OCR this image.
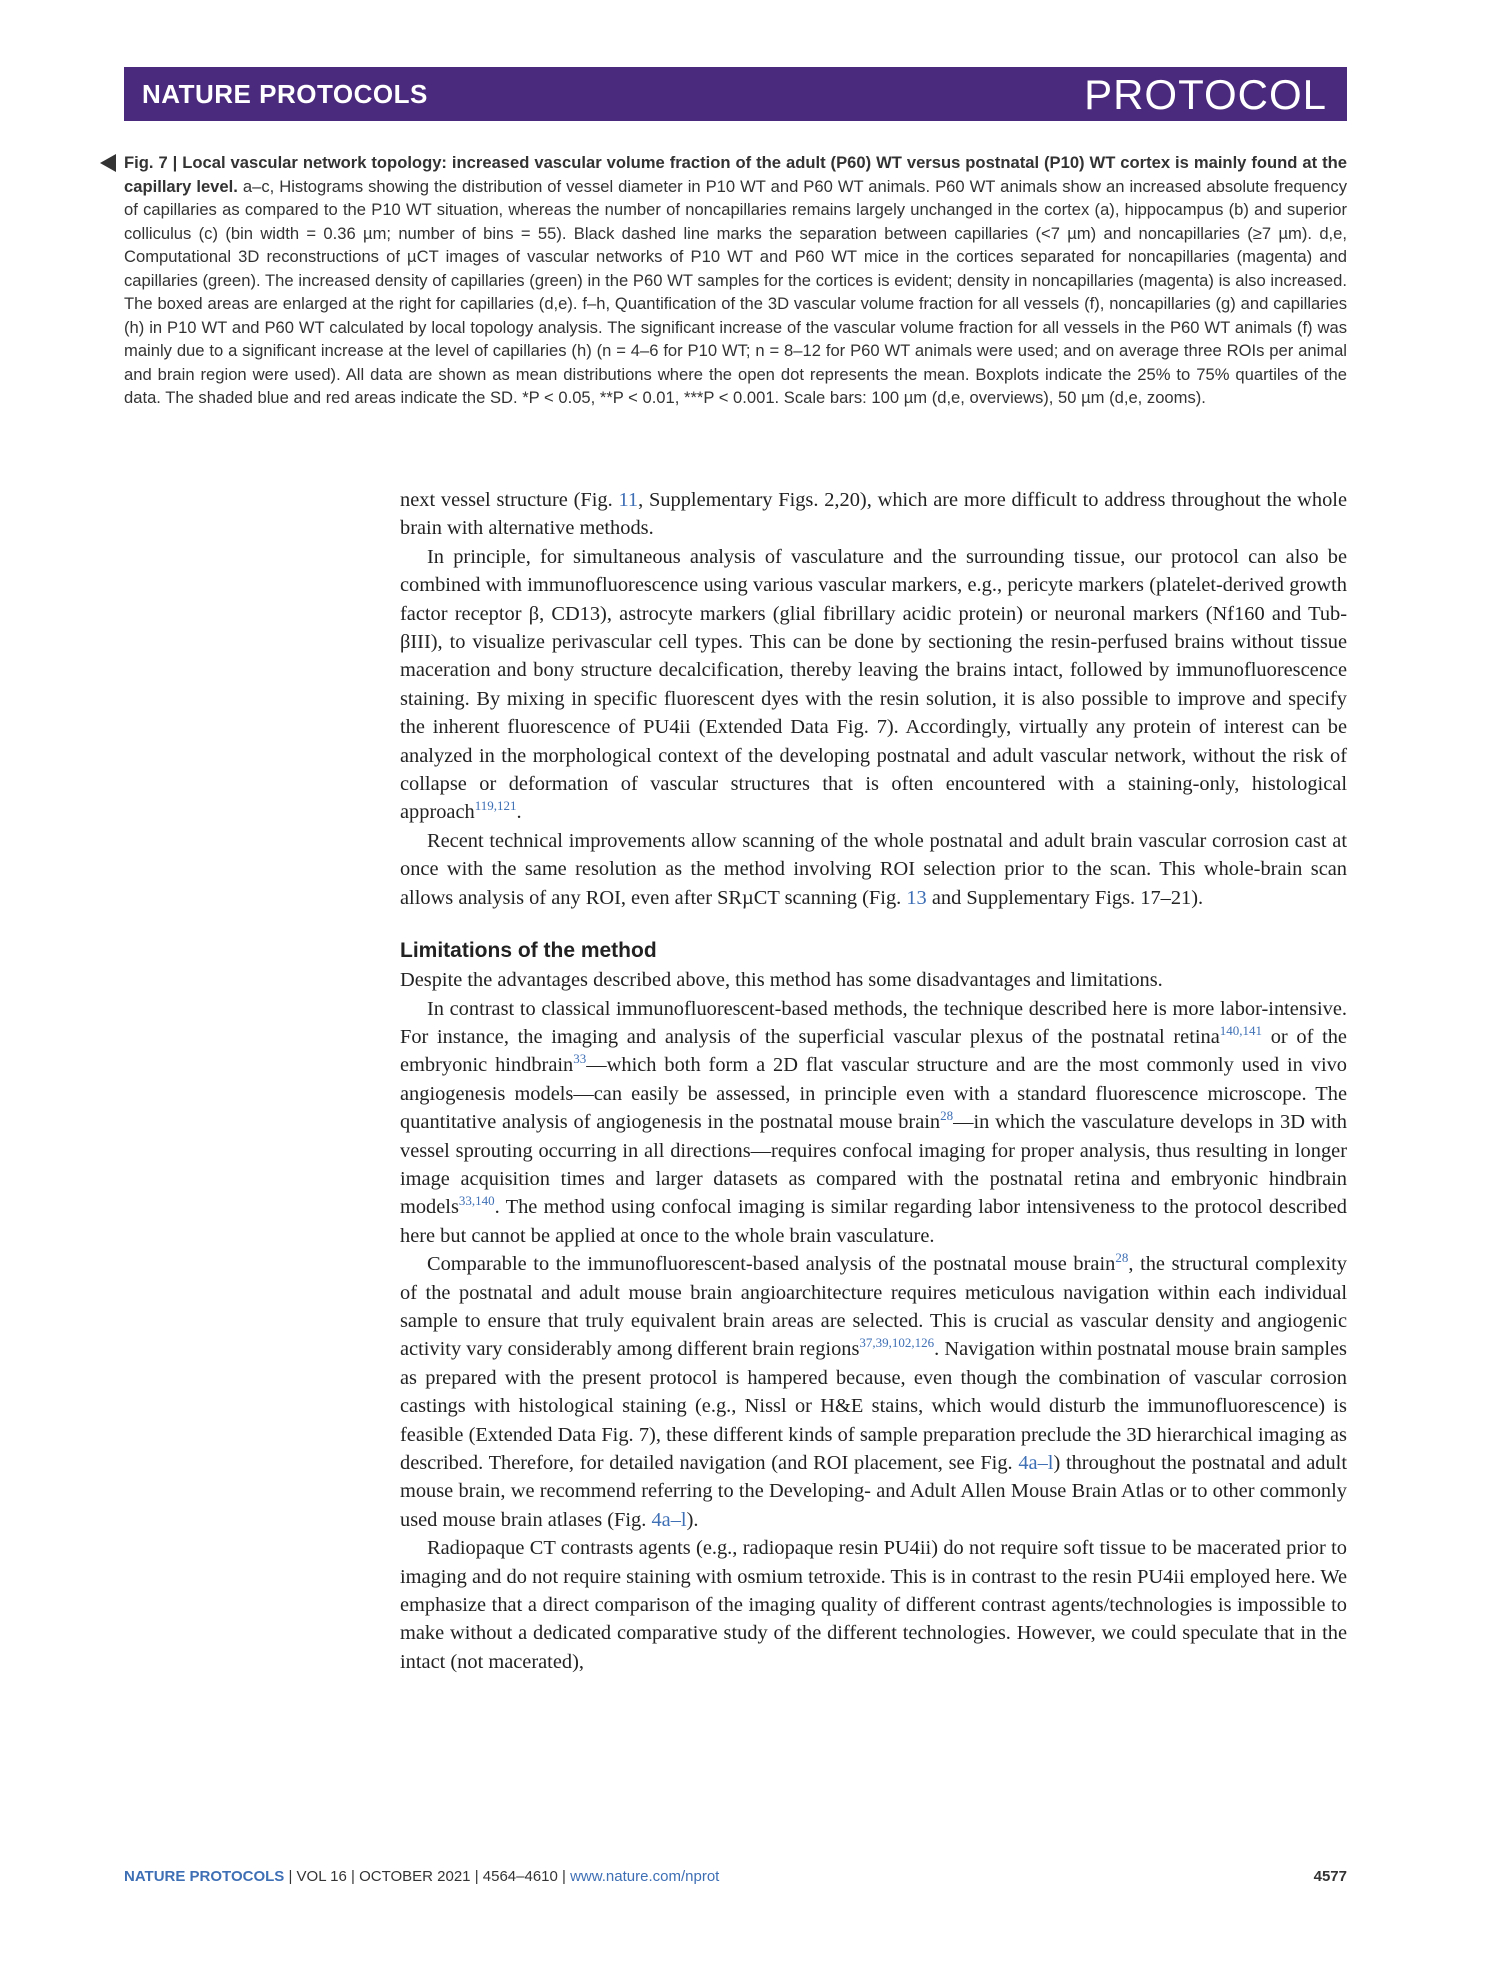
NATURE PROTOCOLS	PROTOCOL
Fig. 7 | Local vascular network topology: increased vascular volume fraction of the adult (P60) WT versus postnatal (P10) WT cortex is mainly found at the capillary level. a–c, Histograms showing the distribution of vessel diameter in P10 WT and P60 WT animals. P60 WT animals show an increased absolute frequency of capillaries as compared to the P10 WT situation, whereas the number of noncapillaries remains largely unchanged in the cortex (a), hippocampus (b) and superior colliculus (c) (bin width = 0.36 µm; number of bins = 55). Black dashed line marks the separation between capillaries (<7 µm) and noncapillaries (≥7 µm). d,e, Computational 3D reconstructions of µCT images of vascular networks of P10 WT and P60 WT mice in the cortices separated for noncapillaries (magenta) and capillaries (green). The increased density of capillaries (green) in the P60 WT samples for the cortices is evident; density in noncapillaries (magenta) is also increased. The boxed areas are enlarged at the right for capillaries (d,e). f–h, Quantification of the 3D vascular volume fraction for all vessels (f), noncapillaries (g) and capillaries (h) in P10 WT and P60 WT calculated by local topology analysis. The significant increase of the vascular volume fraction for all vessels in the P60 WT animals (f) was mainly due to a significant increase at the level of capillaries (h) (n = 4–6 for P10 WT; n = 8–12 for P60 WT animals were used; and on average three ROIs per animal and brain region were used). All data are shown as mean distributions where the open dot represents the mean. Boxplots indicate the 25% to 75% quartiles of the data. The shaded blue and red areas indicate the SD. *P < 0.05, **P < 0.01, ***P < 0.001. Scale bars: 100 µm (d,e, overviews), 50 µm (d,e, zooms).

next vessel structure (Fig. 11, Supplementary Figs. 2,20), which are more difficult to address throughout the whole brain with alternative methods.

In principle, for simultaneous analysis of vasculature and the surrounding tissue, our protocol can also be combined with immunofluorescence using various vascular markers, e.g., pericyte markers (platelet-derived growth factor receptor β, CD13), astrocyte markers (glial fibrillary acidic protein) or neuronal markers (Nf160 and Tub-βIII), to visualize perivascular cell types. This can be done by sectioning the resin-perfused brains without tissue maceration and bony structure decalcification, thereby leaving the brains intact, followed by immunofluorescence staining. By mixing in specific fluorescent dyes with the resin solution, it is also possible to improve and specify the inherent fluorescence of PU4ii (Extended Data Fig. 7). Accordingly, virtually any protein of interest can be analyzed in the morphological context of the developing postnatal and adult vascular network, without the risk of collapse or deformation of vascular structures that is often encountered with a staining-only, histological approach$^{119,121}$.

Recent technical improvements allow scanning of the whole postnatal and adult brain vascular corrosion cast at once with the same resolution as the method involving ROI selection prior to the scan. This whole-brain scan allows analysis of any ROI, even after SRµCT scanning (Fig. 13 and Supplementary Figs. 17–21).

Limitations of the method

Despite the advantages described above, this method has some disadvantages and limitations.

In contrast to classical immunofluorescent-based methods, the technique described here is more labor-intensive. For instance, the imaging and analysis of the superficial vascular plexus of the postnatal retina$^{140,141}$ or of the embryonic hindbrain$^{33}$—which both form a 2D flat vascular structure and are the most commonly used in vivo angiogenesis models—can easily be assessed, in principle even with a standard fluorescence microscope. The quantitative analysis of angiogenesis in the postnatal mouse brain$^{28}$—in which the vasculature develops in 3D with vessel sprouting occurring in all directions—requires confocal imaging for proper analysis, thus resulting in longer image acquisition times and larger datasets as compared with the postnatal retina and embryonic hindbrain models$^{33,140}$. The method using confocal imaging is similar regarding labor intensiveness to the protocol described here but cannot be applied at once to the whole brain vasculature.

Comparable to the immunofluorescent-based analysis of the postnatal mouse brain$^{28}$, the structural complexity of the postnatal and adult mouse brain angioarchitecture requires meticulous navigation within each individual sample to ensure that truly equivalent brain areas are selected. This is crucial as vascular density and angiogenic activity vary considerably among different brain regions$^{37,39,102,126}$. Navigation within postnatal mouse brain samples as prepared with the present protocol is hampered because, even though the combination of vascular corrosion castings with histological staining (e.g., Nissl or H&E stains, which would disturb the immunofluorescence) is feasible (Extended Data Fig. 7), these different kinds of sample preparation preclude the 3D hierarchical imaging as described. Therefore, for detailed navigation (and ROI placement, see Fig. 4a–l) throughout the postnatal and adult mouse brain, we recommend referring to the Developing- and Adult Allen Mouse Brain Atlas or to other commonly used mouse brain atlases (Fig. 4a–l).

Radiopaque CT contrasts agents (e.g., radiopaque resin PU4ii) do not require soft tissue to be macerated prior to imaging and do not require staining with osmium tetroxide. This is in contrast to the resin PU4ii employed here. We emphasize that a direct comparison of the imaging quality of different contrast agents/technologies is impossible to make without a dedicated comparative study of the different technologies. However, we could speculate that in the intact (not macerated),

NATURE PROTOCOLS | VOL 16 | OCTOBER 2021 | 4564–4610 | www.nature.com/nprot	4577
